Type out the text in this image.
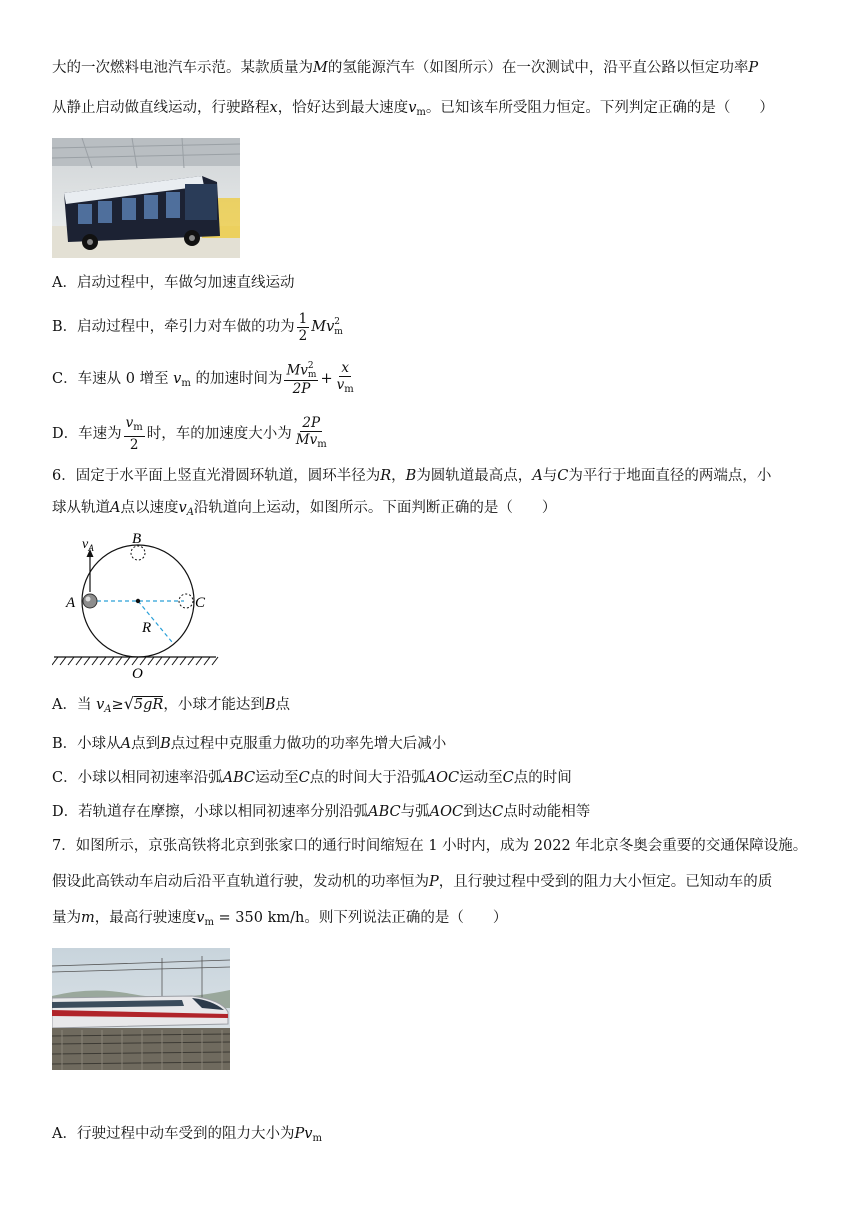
大的一次燃料电池汽车示范。某款质量为M的氢能源汽车（如图所示）在一次测试中，沿平直公路以恒定功率P
从静止启动做直线运动，行驶路程x，恰好达到最大速度$v_m$。已知该车所受阻力恒定。下列判定正确的是（　　）
A．启动过程中，车做匀加速直线运动
B．启动过程中，牵引力对车做的功为 $\frac{1}{2}$ Mv 2
m
C．车速从 0 增至 $v_m$ 的加速时间为 Mv 2
m
$2P + \frac{x}{v_m}$
D．车速为 $\frac{v_m}{2}$ 时，车的加速度大小为 $\frac{2P}{Mv_m}$
6．固定于水平面上竖直光滑圆环轨道，圆环半径为R，B为圆轨道最高点，A与C为平行于地面直径的两端点，小
球从轨道A点以速度$v_A$沿轨道向上运动，如图所示。下面判断正确的是（　　）
$v_A$
B
A	C
R
O
A．当 $v_A\ge√5gR$，小球才能达到B点
B．小球从A点到B点过程中克服重力做功的功率先增大后减小
C．小球以相同初速率沿弧ABC运动至C点的时间大于沿弧AOC运动至C点的时间
D．若轨道存在摩擦，小球以相同初速率分别沿弧ABC与弧AOC到达C点时动能相等
7．如图所示，京张高铁将北京到张家口的通行时间缩短在 1 小时内，成为 2022 年北京冬奥会重要的交通保障设施。
假设此高铁动车启动后沿平直轨道行驶，发动机的功率恒为P，且行驶过程中受到的阻力大小恒定。已知动车的质
量为m，最高行驶速度$v_m = 350$ km/h。则下列说法正确的是（　　）
A．行驶过程中动车受到的阻力大小为$Pv_m$
